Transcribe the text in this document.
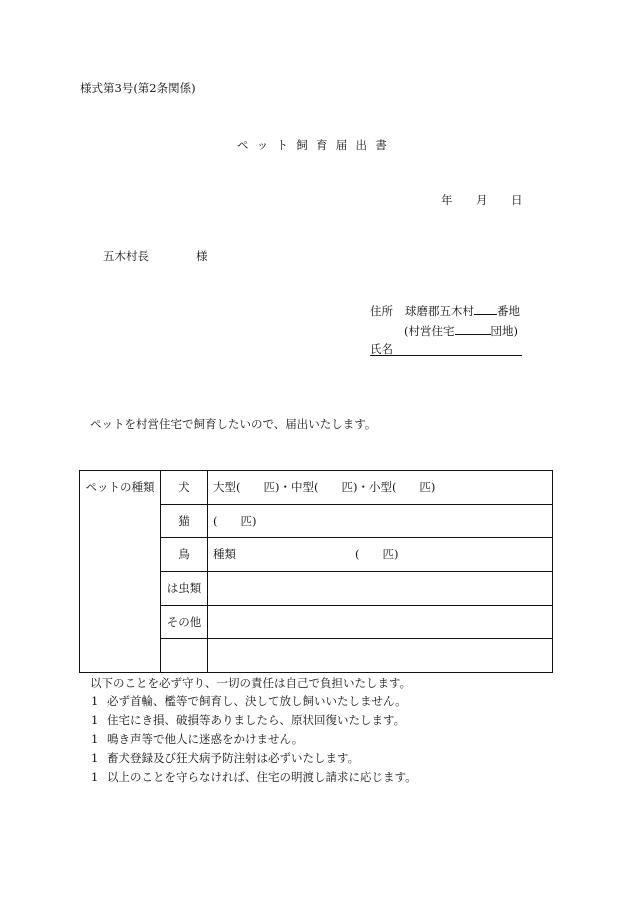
様式第3号(第2条関係)
ペ ッ ト 飼 育 届 出 書
年 月 日
五木村長	様
住所 球磨郡五木村 番地
(村営住宅	団地)
氏名
ペットを村営住宅で飼育したいので、届出いたします。
ペットの種類	犬	大型(　　匹)・中型(　　匹)・小型(　　匹)
猫	(　　匹)
鳥	種類	(　　匹)
は虫類
その他
以下のことを必ず守り、一切の責任は自己で負担いたします。
1 必ず首輪、檻等で飼育し、決して放し飼いいたしません。
1 住宅にき損、破損等ありましたら、原状回復いたします。
1 鳴き声等で他人に迷惑をかけません。
1 畜犬登録及び狂犬病予防注射は必ずいたします。
1 以上のことを守らなければ、住宅の明渡し請求に応じます。
